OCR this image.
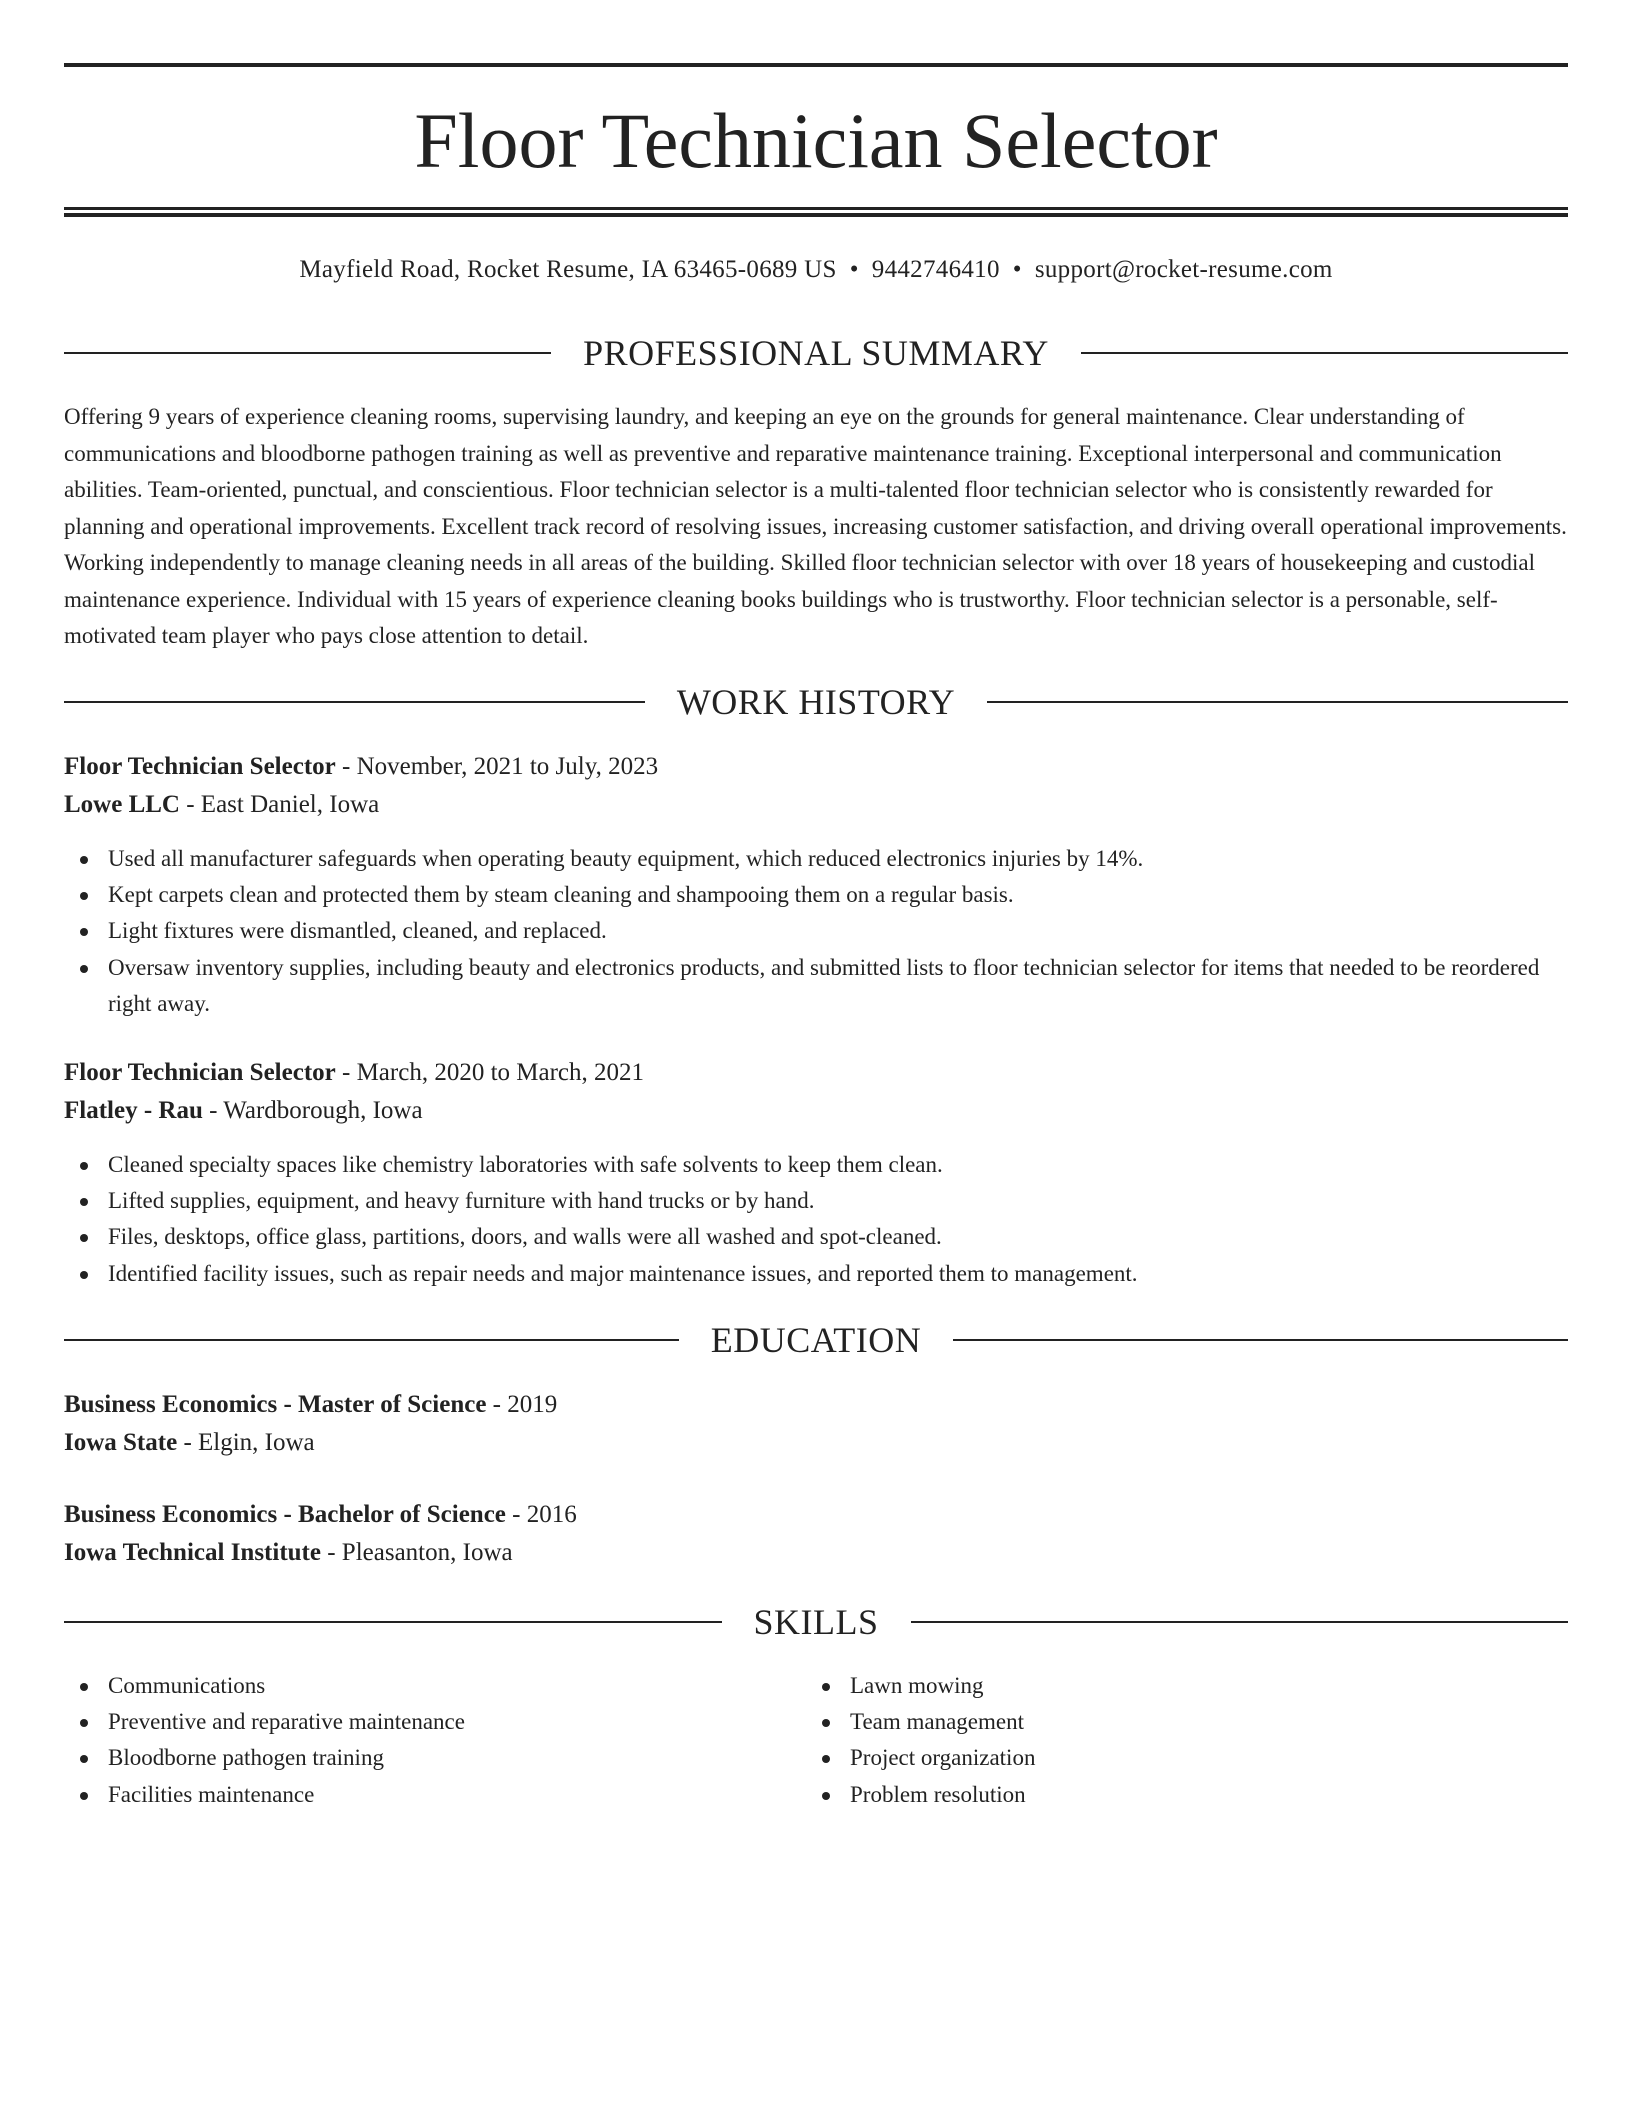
Floor Technician Selector
Mayfield Road, Rocket Resume, IA 63465-0689 US • 9442746410 • support@rocket-resume.com
PROFESSIONAL SUMMARY

Offering 9 years of experience cleaning rooms, supervising laundry, and keeping an eye on the grounds for general maintenance. Clear understanding of communications and bloodborne pathogen training as well as preventive and reparative maintenance training. Exceptional interpersonal and communication abilities. Team-oriented, punctual, and conscientious. Floor technician selector is a multi-talented floor technician selector who is consistently rewarded for planning and operational improvements. Excellent track record of resolving issues, increasing customer satisfaction, and driving overall operational improvements. Working independently to manage cleaning needs in all areas of the building. Skilled floor technician selector with over 18 years of housekeeping and custodial maintenance experience. Individual with 15 years of experience cleaning books buildings who is trustworthy. Floor technician selector is a personable, self-motivated team player who pays close attention to detail.

WORK HISTORY

Floor Technician Selector - November, 2021 to July, 2023

Lowe LLC - East Daniel, Iowa

Used all manufacturer safeguards when operating beauty equipment, which reduced electronics injuries by 14%.
Kept carpets clean and protected them by steam cleaning and shampooing them on a regular basis.
Light fixtures were dismantled, cleaned, and replaced.
Oversaw inventory supplies, including beauty and electronics products, and submitted lists to floor technician selector for items that needed to be reordered right away.

Floor Technician Selector - March, 2020 to March, 2021

Flatley - Rau - Wardborough, Iowa

Cleaned specialty spaces like chemistry laboratories with safe solvents to keep them clean.
Lifted supplies, equipment, and heavy furniture with hand trucks or by hand.
Files, desktops, office glass, partitions, doors, and walls were all washed and spot-cleaned.
Identified facility issues, such as repair needs and major maintenance issues, and reported them to management.
EDUCATION

Business Economics - Master of Science - 2019

Iowa State - Elgin, Iowa

Business Economics - Bachelor of Science - 2016

Iowa Technical Institute - Pleasanton, Iowa

SKILLS
Communications
Preventive and reparative maintenance
Bloodborne pathogen training
Facilities maintenance
Lawn mowing
Team management
Project organization
Problem resolution
